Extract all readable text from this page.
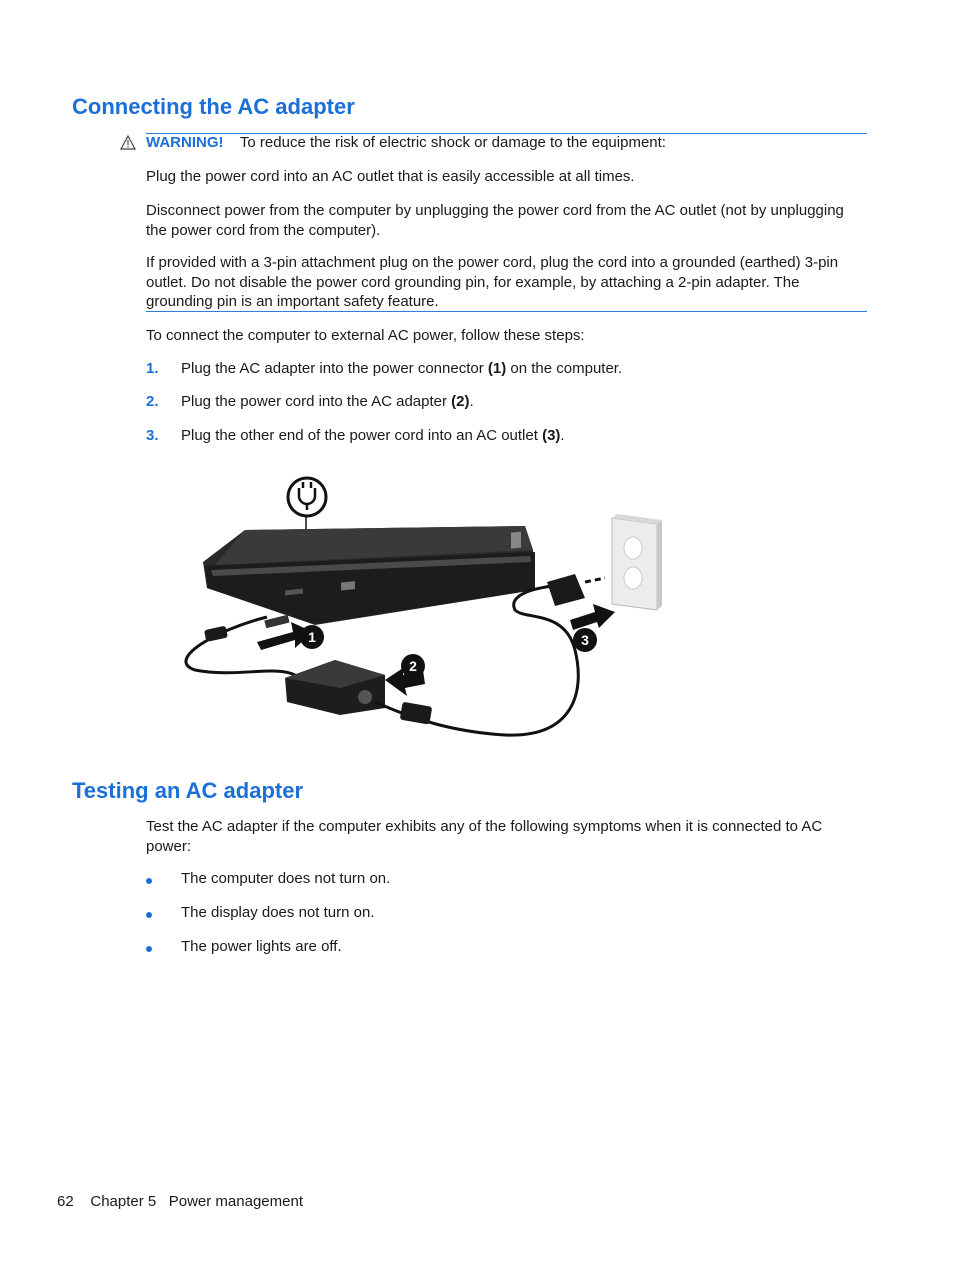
Connecting the AC adapter

WARNING! To reduce the risk of electric shock or damage to the equipment:

Plug the power cord into an AC outlet that is easily accessible at all times.

Disconnect power from the computer by unplugging the power cord from the AC outlet (not by unplugging the power cord from the computer).

If provided with a 3-pin attachment plug on the power cord, plug the cord into a grounded (earthed) 3-pin outlet. Do not disable the power cord grounding pin, for example, by attaching a 2-pin adapter. The grounding pin is an important safety feature.

To connect the computer to external AC power, follow these steps:

1. Plug the AC adapter into the power connector (1) on the computer.
2. Plug the power cord into the AC adapter (2).
3. Plug the other end of the power cord into an AC outlet (3).
1
2
3
Testing an AC adapter

Test the AC adapter if the computer exhibits any of the following symptoms when it is connected to AC power:

The computer does not turn on.
The display does not turn on.
The power lights are off.
62 Chapter 5 Power management
